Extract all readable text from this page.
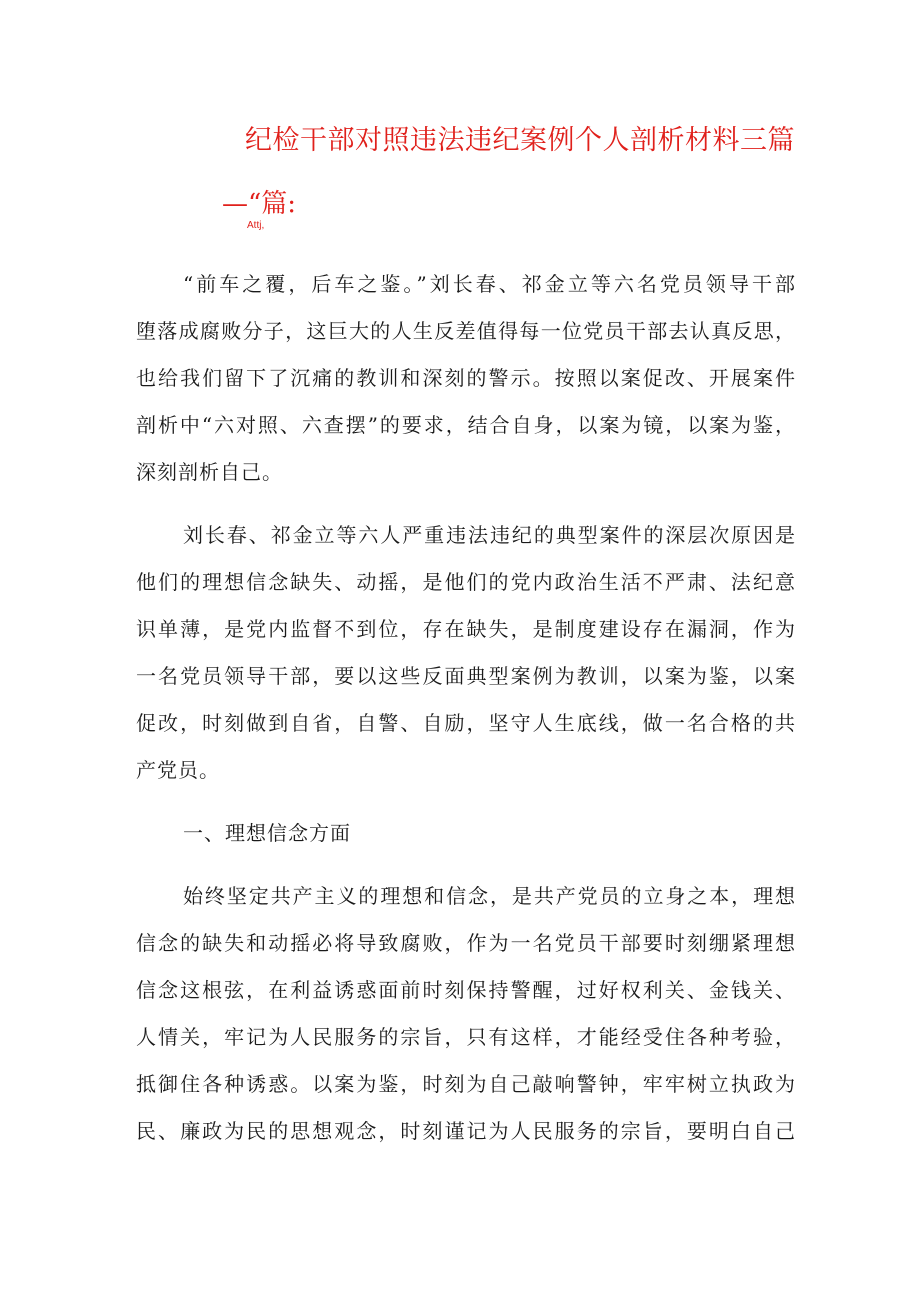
纪检干部对照违法违纪案例个人剖析材料三篇
—“篇:
Attj,
“前车之覆，后车之鉴。”刘长春、祁金立等六名党员领导干部
堕落成腐败分子，这巨大的人生反差值得每一位党员干部去认真反思，
也给我们留下了沉痛的教训和深刻的警示。按照以案促改、开展案件
剖析中“六对照、六查摆”的要求，结合自身，以案为镜，以案为鉴，
深刻剖析自己。
刘长春、祁金立等六人严重违法违纪的典型案件的深层次原因是
他们的理想信念缺失、动摇，是他们的党内政治生活不严肃、法纪意
识单薄，是党内监督不到位，存在缺失，是制度建设存在漏洞，作为
一名党员领导干部，要以这些反面典型案例为教训，以案为鉴，以案
促改，时刻做到自省，自警、自励，坚守人生底线，做一名合格的共
产党员。
一、理想信念方面
始终坚定共产主义的理想和信念，是共产党员的立身之本，理想
信念的缺失和动摇必将导致腐败，作为一名党员干部要时刻绷紧理想
信念这根弦，在利益诱惑面前时刻保持警醒，过好权利关、金钱关、
人情关，牢记为人民服务的宗旨，只有这样，才能经受住各种考验，
抵御住各种诱惑。以案为鉴，时刻为自己敲响警钟，牢牢树立执政为
民、廉政为民的思想观念，时刻谨记为人民服务的宗旨，要明白自己
